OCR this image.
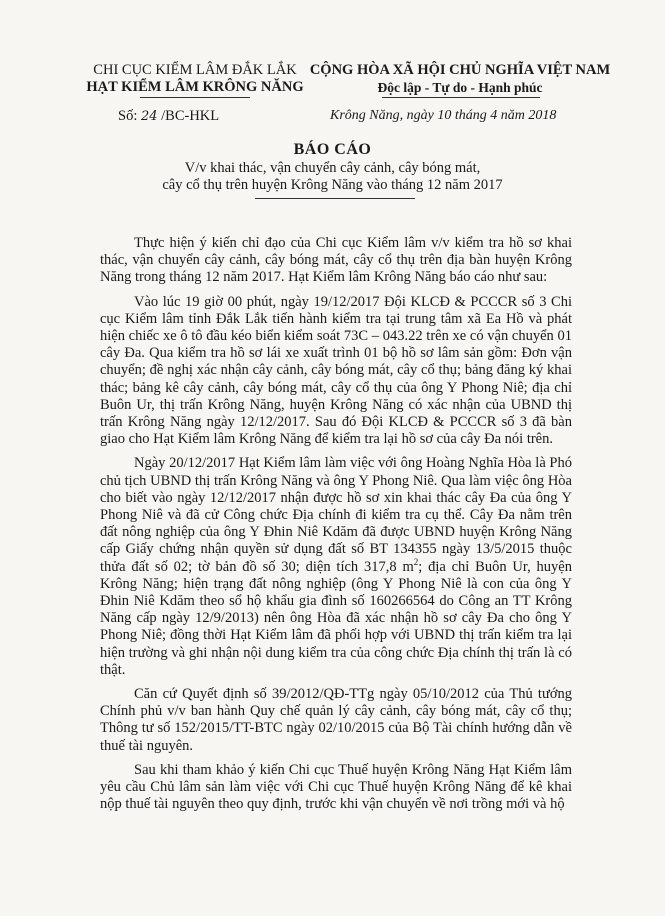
CHI CỤC KIỂM LÂM ĐẮK LẮK
HẠT KIỂM LÂM KRÔNG NĂNG
CỘNG HÒA XÃ HỘI CHỦ NGHĨA VIỆT NAM
Độc lập - Tự do - Hạnh phúc
Số: 24 /BC-HKL	Krông Năng, ngày 10 tháng 4 năm 2018
BÁO CÁO
V/v khai thác, vận chuyển cây cảnh, cây bóng mát,
cây cổ thụ trên huyện Krông Năng vào tháng 12 năm 2017

Thực hiện ý kiến chỉ đạo của Chi cục Kiểm lâm v/v kiểm tra hồ sơ khai thác, vận chuyển cây cảnh, cây bóng mát, cây cổ thụ trên địa bàn huyện Krông Năng trong tháng 12 năm 2017. Hạt Kiểm lâm Krông Năng báo cáo như sau:

Vào lúc 19 giờ 00 phút, ngày 19/12/2017 Đội KLCĐ & PCCCR số 3 Chi cục Kiểm lâm tỉnh Đắk Lắk tiến hành kiểm tra tại trung tâm xã Ea Hồ và phát hiện chiếc xe ô tô đầu kéo biển kiểm soát 73C – 043.22 trên xe có vận chuyển 01 cây Đa. Qua kiểm tra hồ sơ lái xe xuất trình 01 bộ hồ sơ lâm sản gồm: Đơn vận chuyển; đề nghị xác nhận cây cảnh, cây bóng mát, cây cổ thụ; bảng đăng ký khai thác; bảng kê cây cảnh, cây bóng mát, cây cổ thụ của ông Y Phong Niê; địa chỉ Buôn Ur, thị trấn Krông Năng, huyện Krông Năng có xác nhận của UBND thị trấn Krông Năng ngày 12/12/2017. Sau đó Đội KLCĐ & PCCCR số 3 đã bàn giao cho Hạt Kiểm lâm Krông Năng để kiểm tra lại hồ sơ của cây Đa nói trên.

Ngày 20/12/2017 Hạt Kiểm lâm làm việc với ông Hoàng Nghĩa Hòa là Phó chủ tịch UBND thị trấn Krông Năng và ông Y Phong Niê. Qua làm việc ông Hòa cho biết vào ngày 12/12/2017 nhận được hồ sơ xin khai thác cây Đa của ông Y Phong Niê và đã cử Công chức Địa chính đi kiểm tra cụ thể. Cây Đa nằm trên đất nông nghiệp của ông Y Đhin Niê Kdăm đã được UBND huyện Krông Năng cấp Giấy chứng nhận quyền sử dụng đất số BT 134355 ngày 13/5/2015 thuộc thửa đất số 02; tờ bản đồ số 30; diện tích 317,8 $m^2$; địa chỉ Buôn Ur, huyện Krông Năng; hiện trạng đất nông nghiệp (ông Y Phong Niê là con của ông Y Đhin Niê Kdăm theo sổ hộ khẩu gia đình số 160266564 do Công an TT Krông Năng cấp ngày 12/9/2013) nên ông Hòa đã xác nhận hồ sơ cây Đa cho ông Y Phong Niê; đồng thời Hạt Kiểm lâm đã phối hợp với UBND thị trấn kiểm tra lại hiện trường và ghi nhận nội dung kiểm tra của công chức Địa chính thị trấn là có thật.

Căn cứ Quyết định số 39/2012/QĐ-TTg ngày 05/10/2012 của Thủ tướng Chính phủ v/v ban hành Quy chế quản lý cây cảnh, cây bóng mát, cây cổ thụ; Thông tư số 152/2015/TT-BTC ngày 02/10/2015 của Bộ Tài chính hướng dẫn về thuế tài nguyên.

Sau khi tham khảo ý kiến Chi cục Thuế huyện Krông Năng Hạt Kiểm lâm yêu cầu Chủ lâm sản làm việc với Chi cục Thuế huyện Krông Năng để kê khai nộp thuế tài nguyên theo quy định, trước khi vận chuyển về nơi trồng mới và hộ
